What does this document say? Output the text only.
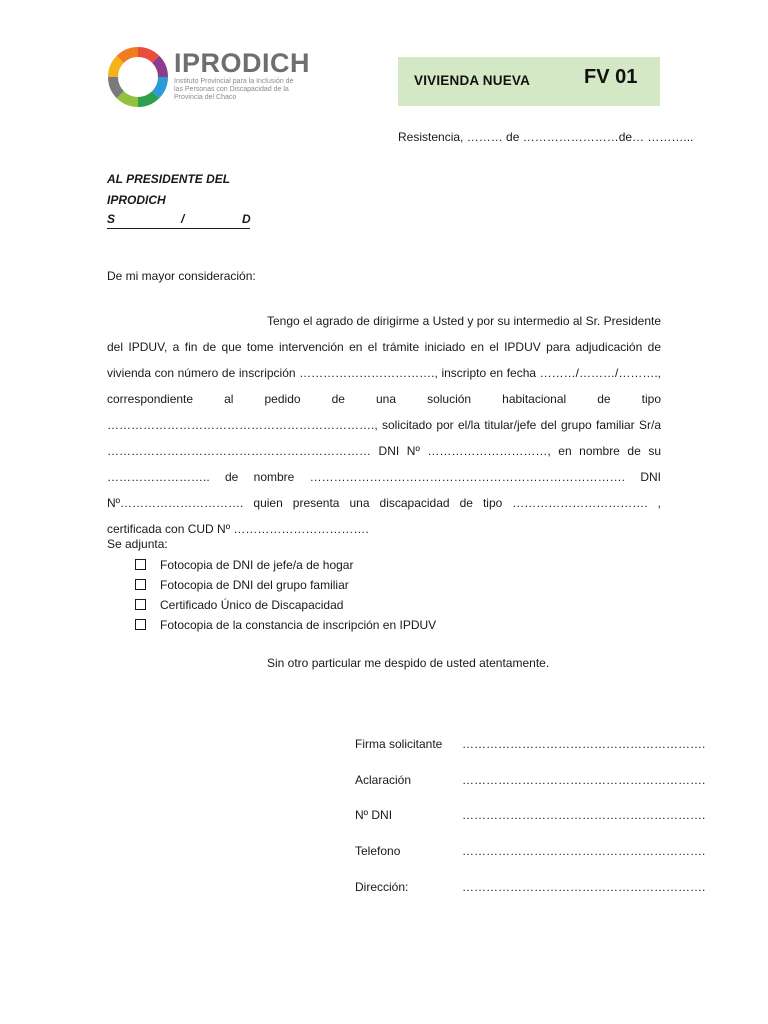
IPRODICH
Instituto Provincial para la Inclusión de las Personas con Discapacidad de la Provincia del Chaco
VIVIENDA NUEVA	FV 01
Resistencia, ……… de ……………………de… ………...
AL PRESIDENTE DEL
IPRODICH
S	/	D
De mi mayor consideración:
Tengo el agrado de dirigirme a Usted y por su intermedio al Sr. Presidente del IPDUV, a fin de que tome intervención en el trámite iniciado en el IPDUV para adjudicación de vivienda con número de inscripción ……………………………., inscripto en fecha ………/………/………., correspondiente al pedido de una solución habitacional de tipo …………………………………………………………., solicitado por el/la titular/jefe del grupo familiar Sr/a ………………………………………………………… DNI Nº …………………………, en nombre de su …………………….. de nombre ……………………………………………………………………. DNI Nº…………………………. quien presenta una discapacidad de tipo ……………………………. , certificada con CUD Nº …………………………….
Se adjunta:
Fotocopia de DNI de jefe/a de hogar
Fotocopia de DNI del grupo familiar
Certificado Único de Discapacidad
Fotocopia de la constancia de inscripción en IPDUV
Sin otro particular me despido de usted atentamente.
Firma solicitante …………………………………………………….
Aclaración	…………………………………………………….
Nº DNI	…………………………………………………….
Telefono	…………………………………………………….
Dirección:	…………………………………………………….
